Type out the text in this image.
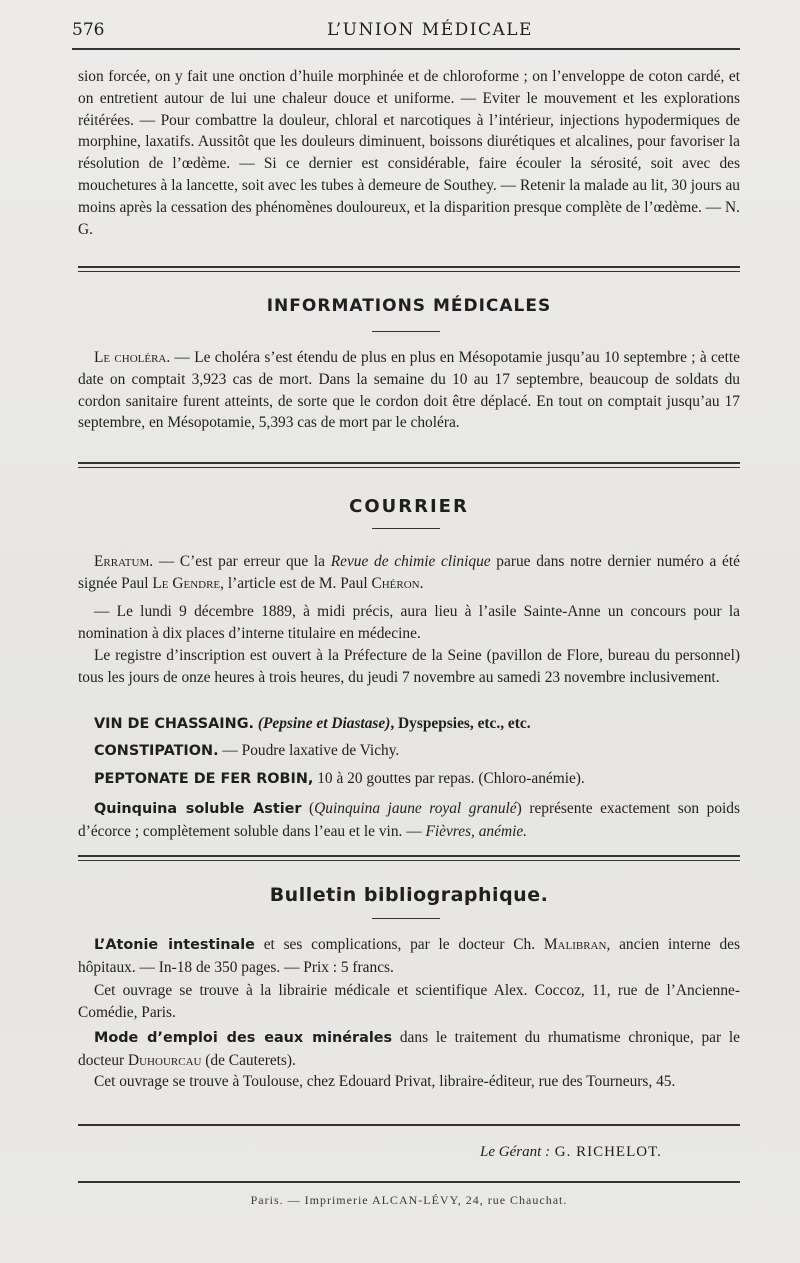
576	L’UNION MÉDICALE
sion forcée, on y fait une onction d’huile morphinée et de chloroforme ; on l’enveloppe de coton cardé, et on entretient autour de lui une chaleur douce et uniforme. — Eviter le mouvement et les explorations réitérées. — Pour combattre la douleur, chloral et narcotiques à l’intérieur, injections hypodermiques de morphine, laxatifs. Aussitôt que les douleurs diminuent, boissons diurétiques et alcalines, pour favoriser la résolution de l’œdème. — Si ce dernier est considérable, faire écouler la sérosité, soit avec des mouchetures à la lancette, soit avec les tubes à demeure de Southey. — Retenir la malade au lit, 30 jours au moins après la cessation des phénomènes douloureux, et la disparition presque complète de l’œdème. — N. G.
INFORMATIONS MÉDICALES
Le choléra. — Le choléra s’est étendu de plus en plus en Mésopotamie jusqu’au 10 septembre ; à cette date on comptait 3,923 cas de mort. Dans la semaine du 10 au 17 septembre, beaucoup de soldats du cordon sanitaire furent atteints, de sorte que le cordon doit être déplacé. En tout on comptait jusqu’au 17 septembre, en Mésopotamie, 5,393 cas de mort par le choléra.
COURRIER
Erratum. — C’est par erreur que la Revue de chimie clinique parue dans notre dernier numéro a été signée Paul Le Gendre, l’article est de M. Paul Chéron.
— Le lundi 9 décembre 1889, à midi précis, aura lieu à l’asile Sainte-Anne un concours pour la nomination à dix places d’interne titulaire en médecine.
Le registre d’inscription est ouvert à la Préfecture de la Seine (pavillon de Flore, bureau du personnel) tous les jours de onze heures à trois heures, du jeudi 7 novembre au samedi 23 novembre inclusivement.
VIN DE CHASSAING. (Pepsine et Diastase), Dyspepsies, etc., etc.
CONSTIPATION. — Poudre laxative de Vichy.
PEPTONATE DE FER ROBIN, 10 à 20 gouttes par repas. (Chloro-anémie).
Quinquina soluble Astier (Quinquina jaune royal granulé) représente exactement son poids d’écorce ; complètement soluble dans l’eau et le vin. — Fièvres, anémie.
Bulletin bibliographique.
L’Atonie intestinale et ses complications, par le docteur Ch. Malibran, ancien interne des hôpitaux. — In-18 de 350 pages. — Prix : 5 francs.
Cet ouvrage se trouve à la librairie médicale et scientifique Alex. Coccoz, 11, rue de l’Ancienne-Comédie, Paris.
Mode d’emploi des eaux minérales dans le traitement du rhumatisme chronique, par le docteur Duhourcau (de Cauterets).
Cet ouvrage se trouve à Toulouse, chez Edouard Privat, libraire-éditeur, rue des Tourneurs, 45.
Le Gérant : G. RICHELOT.
Paris. — Imprimerie ALCAN-LÉVY, 24, rue Chauchat.
